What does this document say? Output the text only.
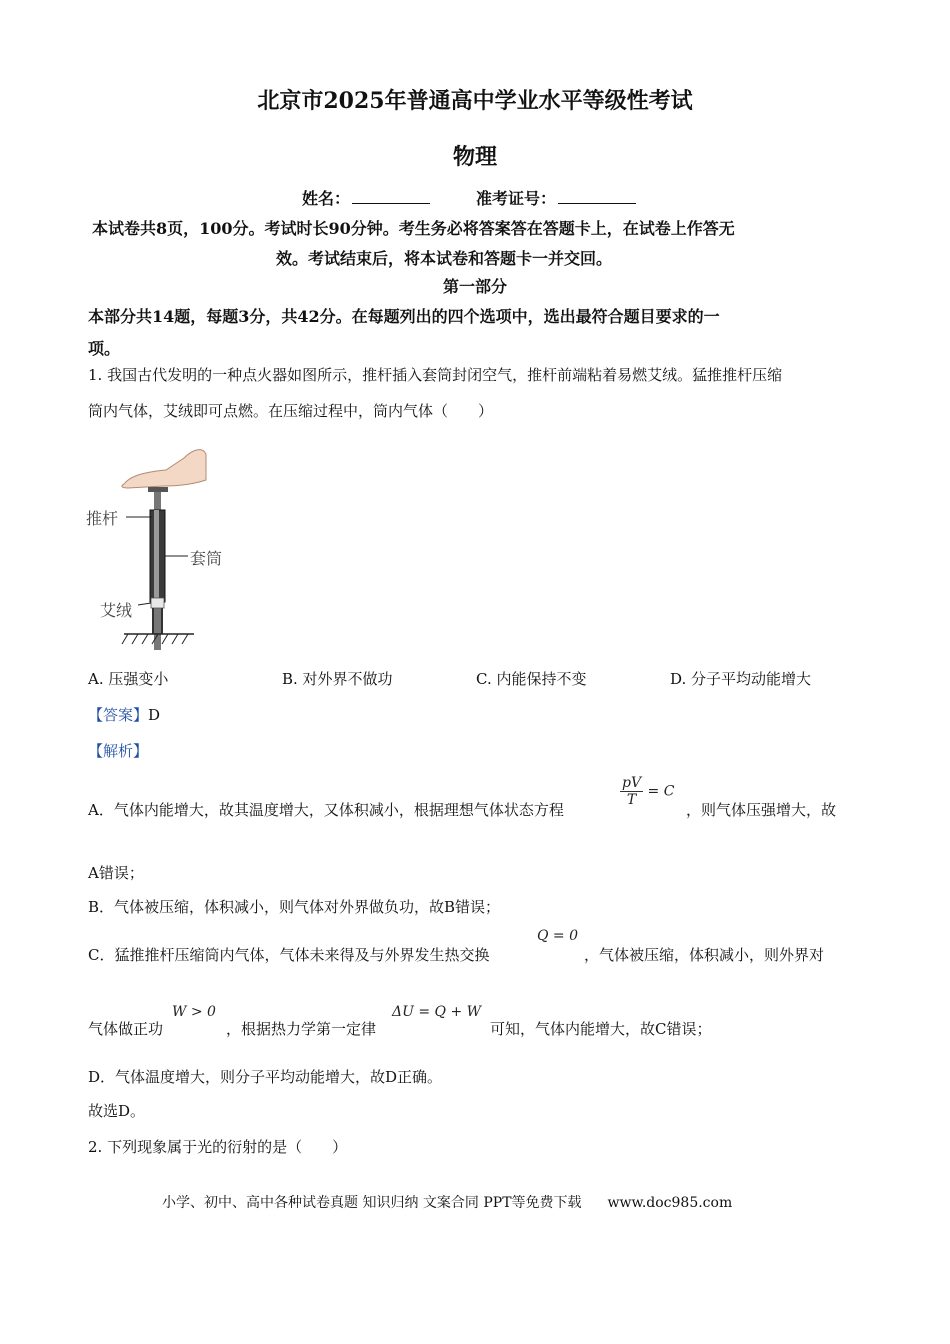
北京市2025年普通高中学业水平等级性考试
物理
姓名：	准考证号：
本试卷共8页，100分。考试时长90分钟。考生务必将答案答在答题卡上，在试卷上作答无
效。考试结束后，将本试卷和答题卡一并交回。
第一部分
本部分共14题，每题3分，共42分。在每题列出的四个选项中，选出最符合题目要求的一
项。
1. 我国古代发明的一种点火器如图所示，推杆插入套筒封闭空气，推杆前端粘着易燃艾绒。猛推推杆压缩
筒内气体，艾绒即可点燃。在压缩过程中，筒内气体（　　）
推杆
套筒
艾绒
A. 压强变小	B. 对外界不做功	C. 内能保持不变	D. 分子平均动能增大
【答案】D
【解析】
A．气体内能增大，故其温度增大，又体积减小，根据理想气体状态方程
$\frac{pV}{T} = C$
，则气体压强增大，故
A错误；
B．气体被压缩，体积减小，则气体对外界做负功，故B错误；
C．猛推推杆压缩筒内气体，气体未来得及与外界发生热交换
Q = 0
，气体被压缩，体积减小，则外界对
气体做正功
W > 0
，根据热力学第一定律
ΔU = Q + W
可知，气体内能增大，故C错误；
D．气体温度增大，则分子平均动能增大，故D正确。
故选D。
2. 下列现象属于光的衍射的是（　　）
小学、初中、高中各种试卷真题 知识归纳 文案合同 PPT等免费下载 www.doc985.com
